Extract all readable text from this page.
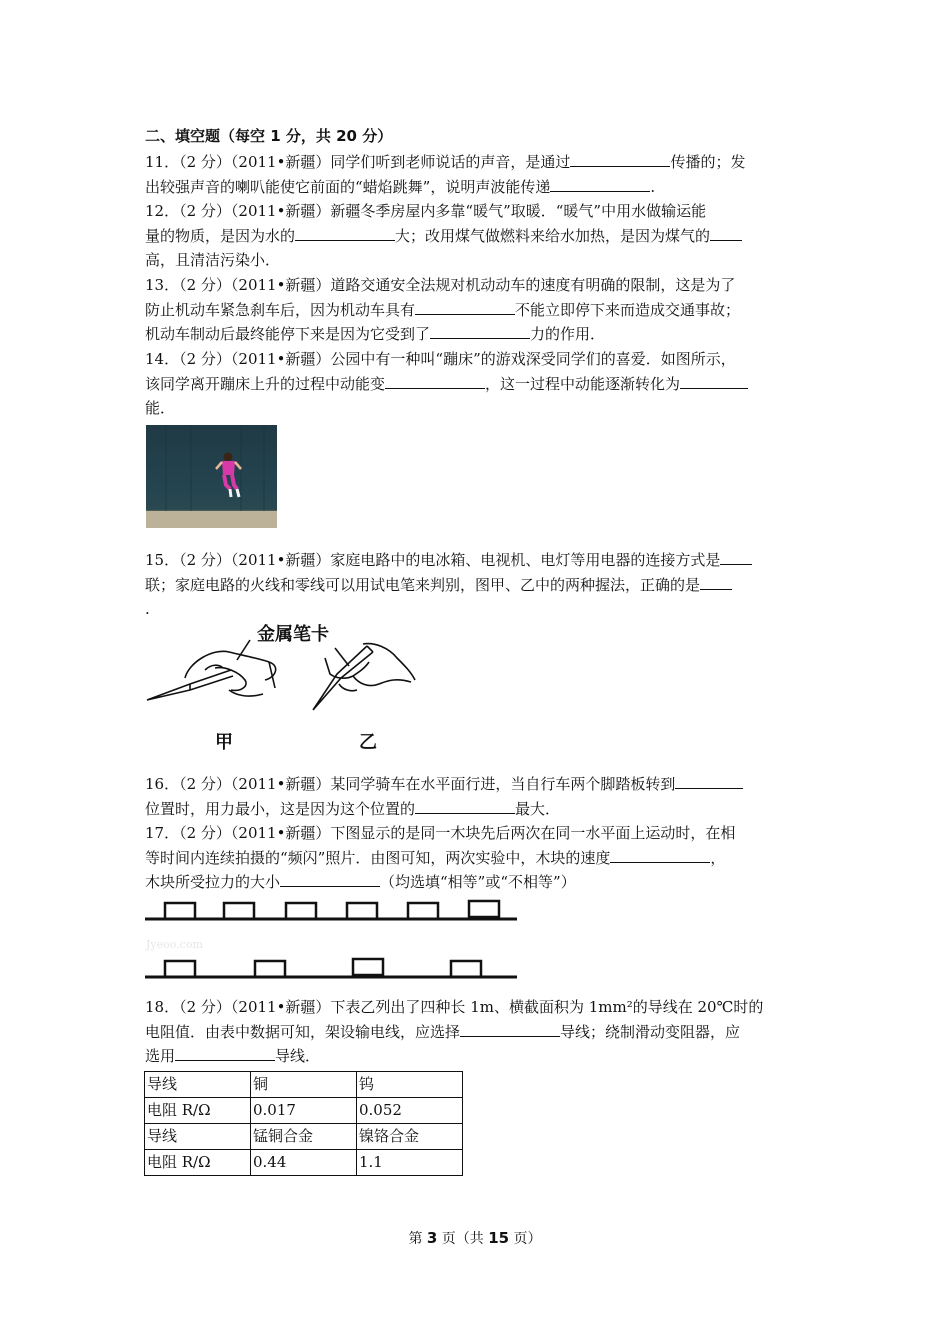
二、填空题（每空 1 分，共 20 分）
11．（2 分）（2011•新疆）同学们听到老师说话的声音，是通过	传播的；发
出较强声音的喇叭能使它前面的“蜡焰跳舞”，说明声波能传递	.
12．（2 分）（2011•新疆）新疆冬季房屋内多靠“暖气”取暖．“暖气”中用水做输运能
量的物质，是因为水的	大；改用煤气做燃料来给水加热，是因为煤气的
高，且清洁污染小．
13．（2 分）（2011•新疆）道路交通安全法规对机动动车的速度有明确的限制，这是为了
防止机动车紧急刹车后，因为机动车具有	不能立即停下来而造成交通事故；
机动车制动后最终能停下来是因为它受到了	力的作用．
14．（2 分）（2011•新疆）公园中有一种叫“蹦床”的游戏深受同学们的喜爱．如图所示，
该同学离开蹦床上升的过程中动能变	，这一过程中动能逐渐转化为
能．
15．（2 分）（2011•新疆）家庭电路中的电冰箱、电视机、电灯等用电器的连接方式是
联；家庭电路的火线和零线可以用试电笔来判别，图甲、乙中的两种握法，正确的是
.
金属笔卡
甲	乙
16．（2 分）（2011•新疆）某同学骑车在水平面行进，当自行车两个脚踏板转到
位置时，用力最小，这是因为这个位置的	最大．
17．（2 分）（2011•新疆）下图显示的是同一木块先后两次在同一水平面上运动时，在相
等时间内连续拍摄的“频闪”照片．由图可知，两次实验中，木块的速度	，
木块所受拉力的大小	（均选填“相等”或“不相等”）
Jyeoo.com
18．（2 分）（2011•新疆）下表乙列出了四种长 1m、横截面积为 1mm²的导线在 20℃时的
电阻值．由表中数据可知，架设输电线，应选择	导线；绕制滑动变阻器，应
选用	导线．
导线	铜	钨
电阻 R/Ω	0.017	0.052
导线	锰铜合金	镍铬合金
电阻 R/Ω	0.44	1.1
第 3 页（共 15 页）
